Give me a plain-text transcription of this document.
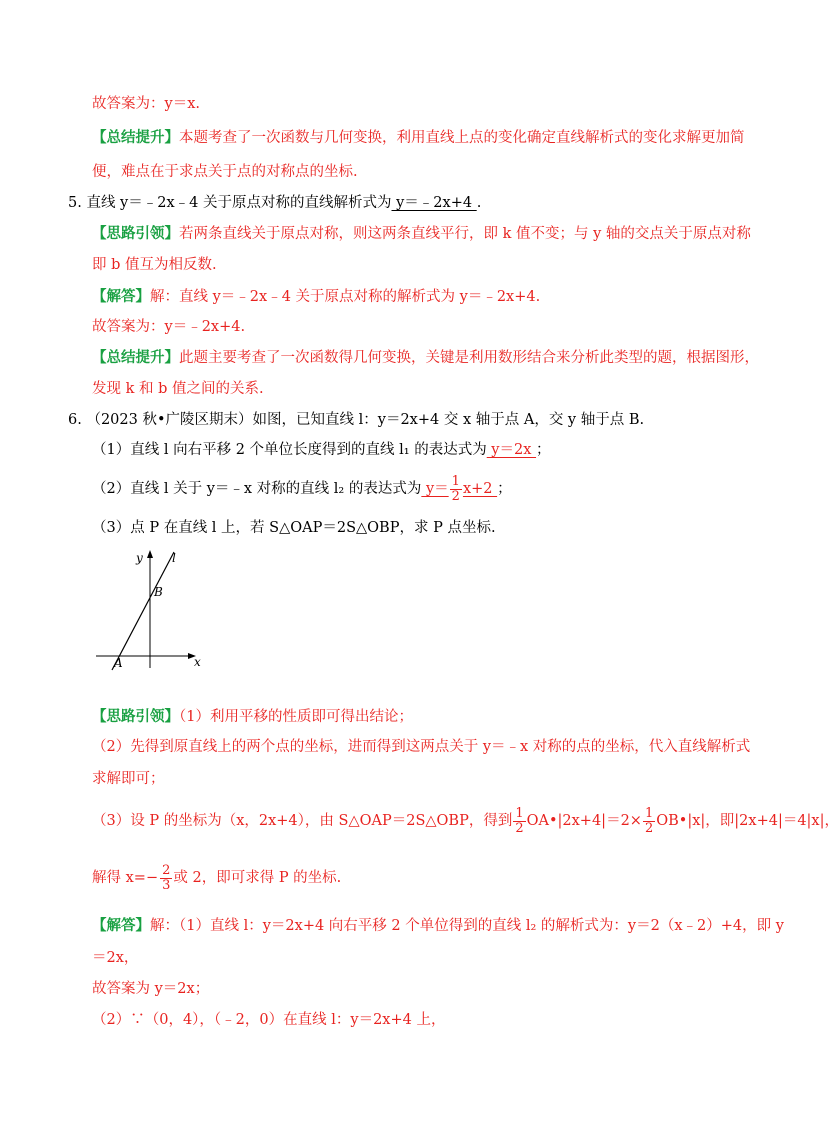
故答案为：y＝x.
【总结提升】本题考查了一次函数与几何变换，利用直线上点的变化确定直线解析式的变化求解更加简
便，难点在于求点关于点的对称点的坐标.
5. 直线 y＝﹣2x﹣4 关于原点对称的直线解析式为 y＝﹣2x+4 .
【思路引领】若两条直线关于原点对称，则这两条直线平行，即 k 值不变；与 y 轴的交点关于原点对称
即 b 值互为相反数.
【解答】解：直线 y＝﹣2x﹣4 关于原点对称的解析式为 y＝﹣2x+4.
故答案为：y＝﹣2x+4.
【总结提升】此题主要考查了一次函数得几何变换，关键是利用数形结合来分析此类型的题，根据图形，
发现 k 和 b 值之间的关系.
6. （2023 秋•广陵区期末）如图，已知直线 l：y＝2x+4 交 x 轴于点 A，交 y 轴于点 B.
（1）直线 l 向右平移 2 个单位长度得到的直线 l₁ 的表达式为 y＝2x ；
（2）直线 l 关于 y＝﹣x 对称的直线 l₂ 的表达式为 $y= \frac{1}{2} x+2$ ；
（3）点 P 在直线 l 上，若 S△OAP＝2S△OBP，求 P 点坐标.
y
x
l
B
A
【思路引领】（1）利用平移的性质即可得出结论；
（2）先得到原直线上的两个点的坐标，进而得到这两点关于 y＝﹣x 对称的点的坐标，代入直线解析式
求解即可；
（3）设 P 的坐标为（x，2x+4），由 S△OAP＝2S△OBP，得到 $\frac{1}{2}$ OA•|2x+4|＝2× $\frac{1}{2}$ OB•|x|，即|2x+4|＝4|x|，
解得 $x=- \frac{2}{3}$ 或 2，即可求得 P 的坐标.
【解答】解：（1）直线 l：y＝2x+4 向右平移 2 个单位得到的直线 l₂ 的解析式为：y＝2（x﹣2）+4，即 y
＝2x，
故答案为 y＝2x；
（2）∵（0，4），（﹣2，0）在直线 l：y＝2x+4 上，
